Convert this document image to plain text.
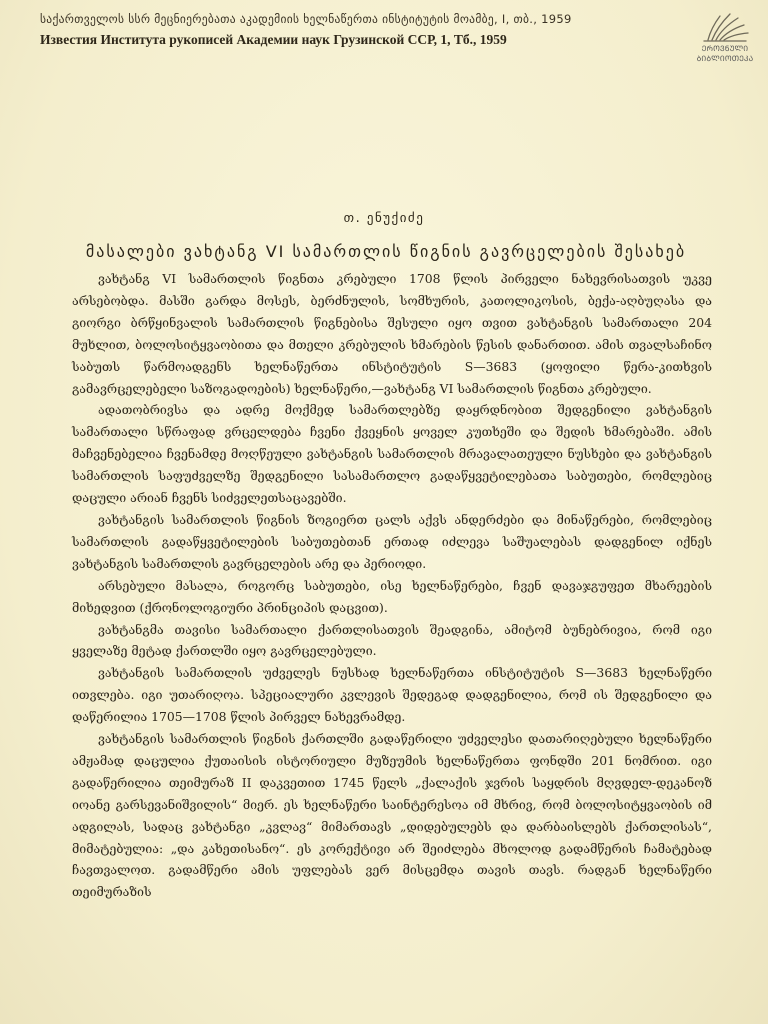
საქართველოს სსრ მეცნიერებათა აკადემიის ხელნაწერთა ინსტიტუტის მოამბე, I, თბ., 1959
Известия Института рукописей Академии наук Грузинской ССР, 1, Тб., 1959
ᲔᲠᲝᲕᲜᲣᲚᲘ
ᲑᲘᲑᲚᲘᲝᲗᲔᲙᲐ
თ. ენუქიძე
მასალები ვახტანგ VI სამართლის წიგნის გავრცელების შესახებ

ვახტანგ VI სამართლის წიგნთა კრებული 1708 წლის პირველი ნახევრისათვის უკვე არსებობდა. მასში გარდა მოსეს, ბერძნულის, სომხურის, კათოლიკოსის, ბექა-აღბუღასა და გიორგი ბრწყინვალის სამართლის წიგნებისა შესული იყო თვით ვახტანგის სამართალი 204 მუხლით, ბოლოსიტყვაობითა და მთელი კრებულის ხმარების წესის დანართით. ამის თვალსაჩინო საბუთს წარმოადგენს ხელნაწერთა ინსტიტუტის S—3683 (ყოფილი წერა-კითხვის გამავრცელებელი საზოგადოების) ხელნაწერი,—ვახტანგ VI სამართლის წიგნთა კრებული.

ადათობრივსა და ადრე მოქმედ სამართლებზე დაყრდნობით შედგენილი ვახტანგის სამართალი სწრაფად ვრცელდება ჩვენი ქვეყნის ყოველ კუთხეში და შედის ხმარებაში. ამის მაჩვენებელია ჩვენამდე მოღწეული ვახტანგის სამართლის მრავალათეული ნუსხები და ვახტანგის სამართლის საფუძველზე შედგენილი სასამართლო გადაწყვეტილებათა საბუთები, რომლებიც დაცული არიან ჩვენს სიძველეთსაცავებში.

ვახტანგის სამართლის წიგნის ზოგიერთ ცალს აქვს ანდერძები და მინაწერები, რომლებიც სამართლის გადაწყვეტილების საბუთებთან ერთად იძლევა საშუალებას დადგენილ იქნეს ვახტანგის სამართლის გავრცელების არე და პერიოდი.

არსებული მასალა, როგორც საბუთები, ისე ხელნაწერები, ჩვენ დავაჯგუფეთ მხარეების მიხედვით (ქრონოლოგიური პრინციპის დაცვით).

ვახტანგმა თავისი სამართალი ქართლისათვის შეადგინა, ამიტომ ბუნებრივია, რომ იგი ყველაზე მეტად ქართლში იყო გავრცელებული.

ვახტანგის სამართლის უძველეს ნუსხად ხელნაწერთა ინსტიტუტის S—3683 ხელნაწერი ითვლება. იგი უთარიღოა. სპეციალური კვლევის შედეგად დადგენილია, რომ ის შედგენილი და დაწერილია 1705—1708 წლის პირველ ნახევრამდე.

ვახტანგის სამართლის წიგნის ქართლში გადაწერილი უძველესი დათარიღებული ხელნაწერი ამჟამად დაცულია ქუთაისის ისტორიული მუზეუმის ხელნაწერთა ფონდში 201 ნომრით. იგი გადაწერილია თეიმურაზ II დაკვეთით 1745 წელს „ქალაქის ჯვრის საყდრის მღვდელ-დეკანოზ იოანე გარსევანიშვილის“ მიერ. ეს ხელნაწერი საინტერესოა იმ მხრივ, რომ ბოლოსიტყვაობის იმ ადგილას, სადაც ვახტანგი „კვლავ“ მიმართავს „დიდებულებს და დარბაისლებს ქართლისას“, მიმატებულია: „და კახეთისანო“. ეს კორექტივი არ შეიძლება მხოლოდ გადამწერის ჩამატებად ჩავთვალოთ. გადამწერი ამის უფლებას ვერ მისცემდა თავის თავს. რადგან ხელნაწერი თეიმურაზის
